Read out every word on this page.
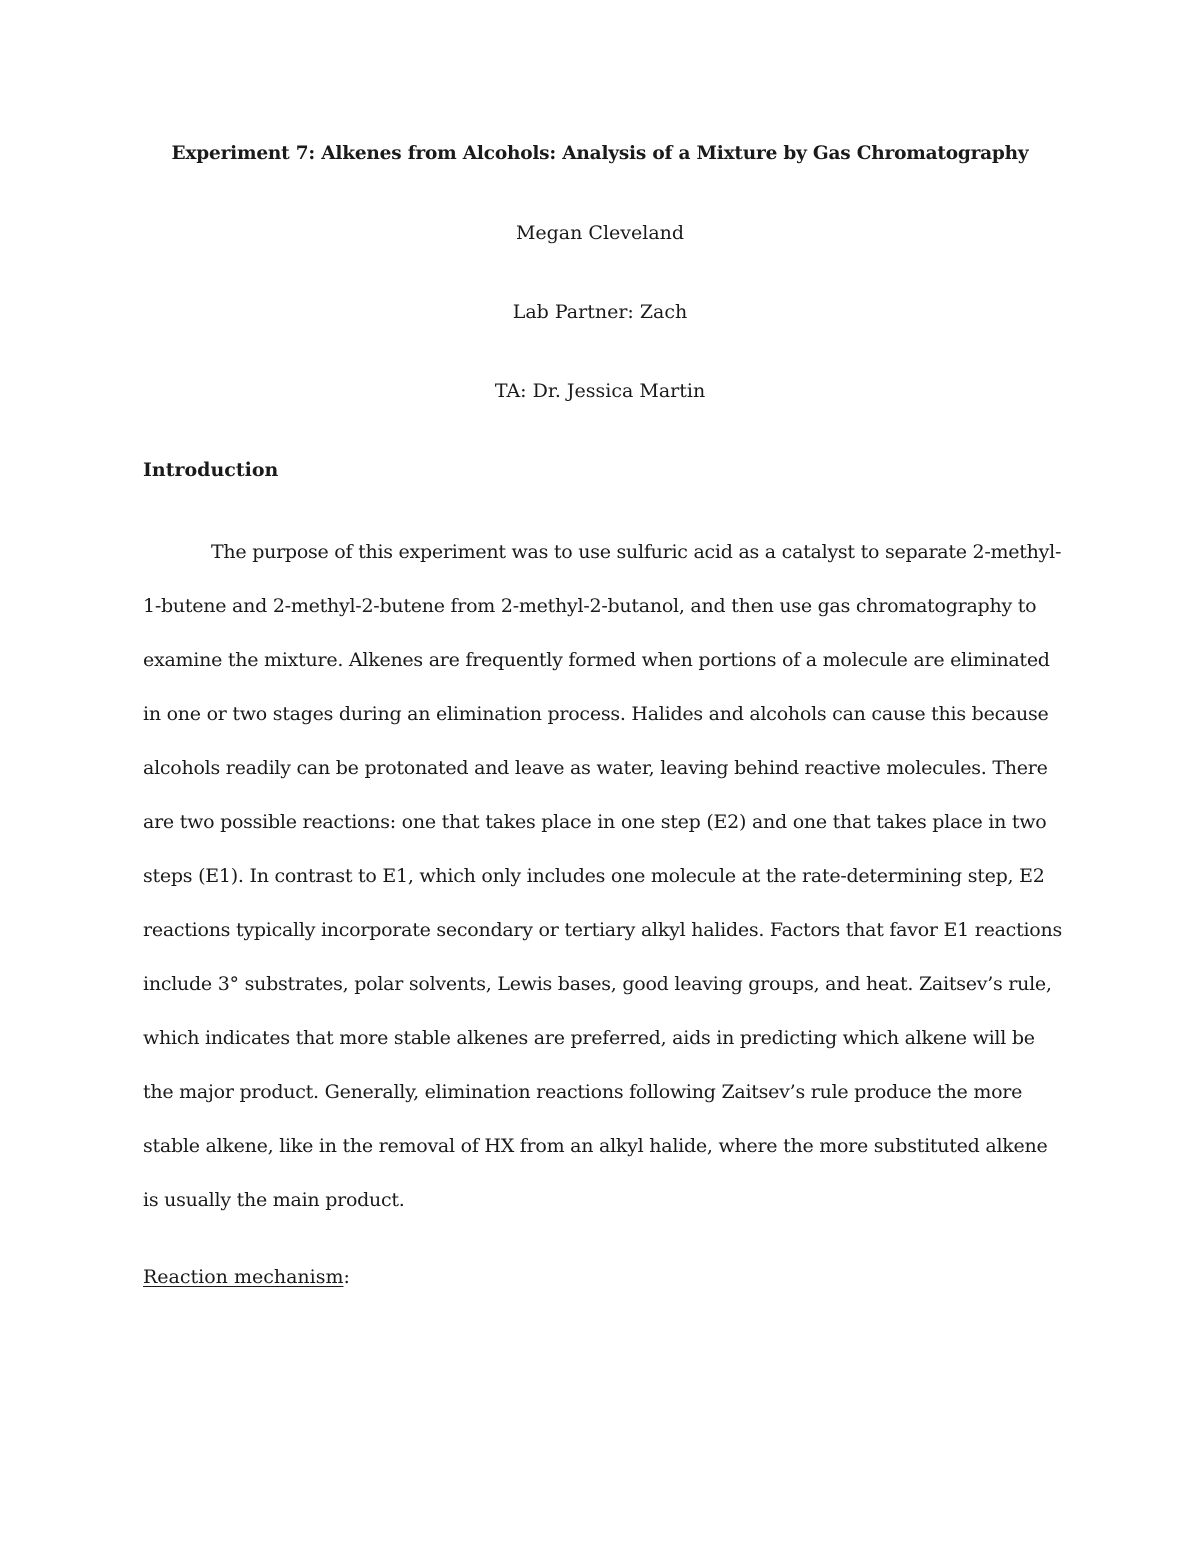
Experiment 7: Alkenes from Alcohols: Analysis of a Mixture by Gas Chromatography

Megan Cleveland

Lab Partner: Zach

TA: Dr. Jessica Martin

Introduction
The purpose of this experiment was to use sulfuric acid as a catalyst to separate 2-methyl-
1-butene and 2-methyl-2-butene from 2-methyl-2-butanol, and then use gas chromatography to
examine the mixture. Alkenes are frequently formed when portions of a molecule are eliminated
in one or two stages during an elimination process. Halides and alcohols can cause this because
alcohols readily can be protonated and leave as water, leaving behind reactive molecules. There
are two possible reactions: one that takes place in one step (E2) and one that takes place in two
steps (E1). In contrast to E1, which only includes one molecule at the rate-determining step, E2
reactions typically incorporate secondary or tertiary alkyl halides. Factors that favor E1 reactions
include 3° substrates, polar solvents, Lewis bases, good leaving groups, and heat. Zaitsev’s rule,
which indicates that more stable alkenes are preferred, aids in predicting which alkene will be
the major product. Generally, elimination reactions following Zaitsev’s rule produce the more
stable alkene, like in the removal of HX from an alkyl halide, where the more substituted alkene
is usually the main product.

Reaction mechanism:
